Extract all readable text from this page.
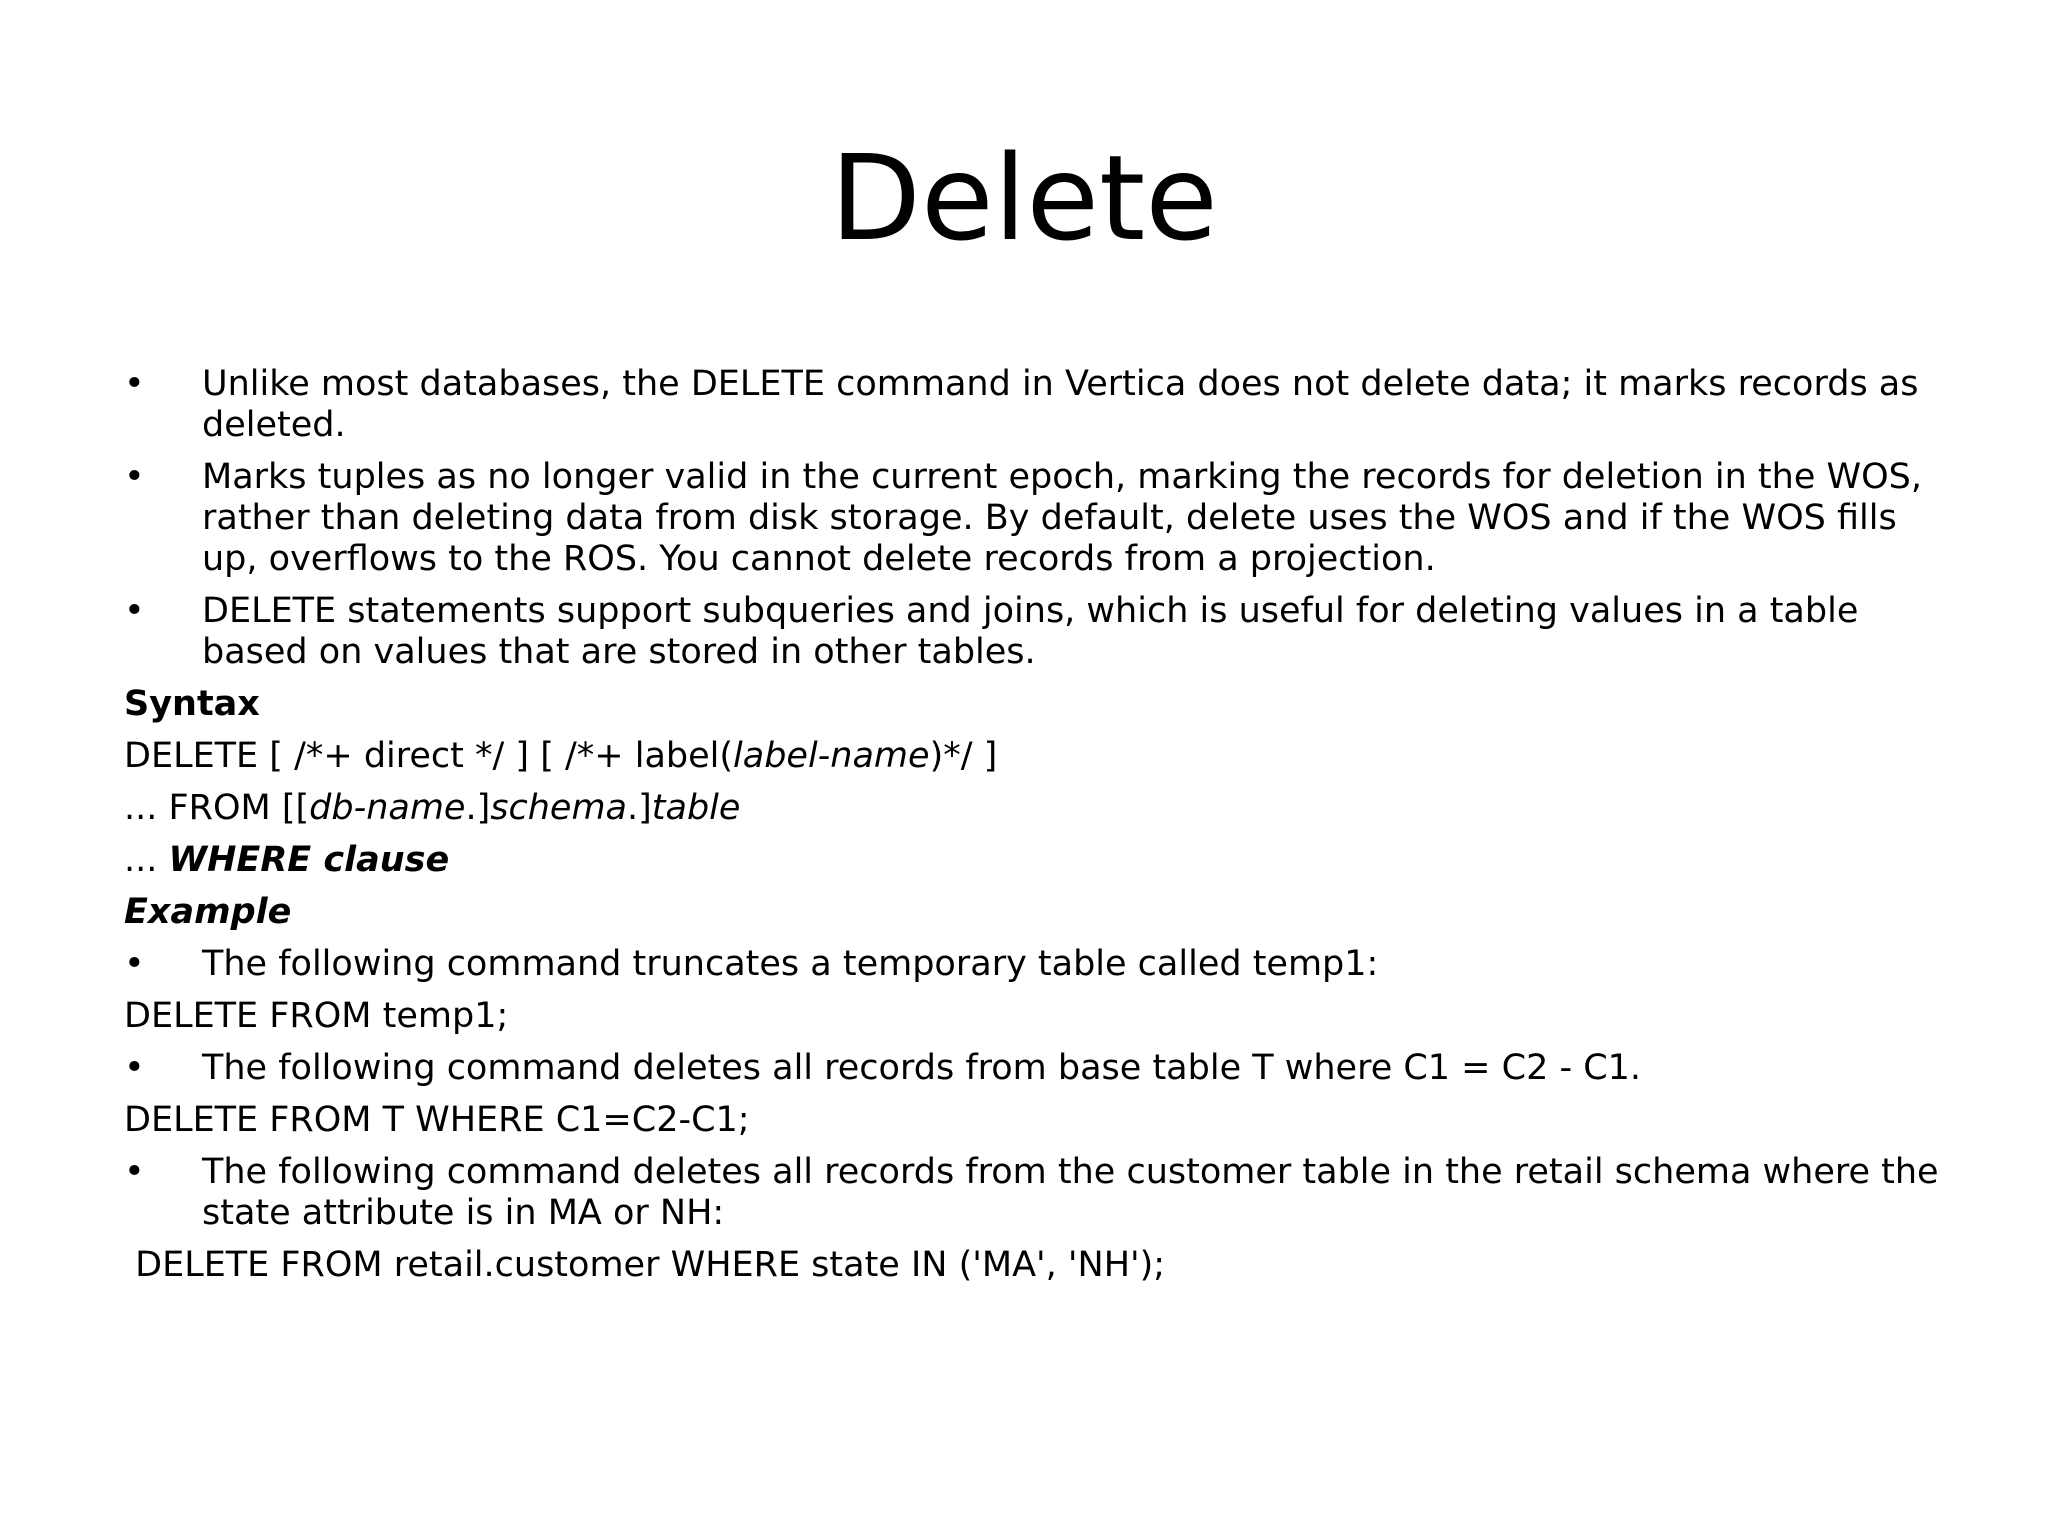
Delete
• Unlike most databases, the DELETE command in Vertica does not delete data; it marks records as deleted.
• Marks tuples as no longer valid in the current epoch, marking the records for deletion in the WOS, rather than deleting data from disk storage. By default, delete uses the WOS and if the WOS fills up, overflows to the ROS. You cannot delete records from a projection.
• DELETE statements support subqueries and joins, which is useful for deleting values in a table based on values that are stored in other tables.
Syntax
DELETE [ /*+ direct */ ] [ /*+ label(label-name)*/ ]
... FROM [[db-name.]schema.]table
... WHERE clause
Example
• The following command truncates a temporary table called temp1:
DELETE FROM temp1;
• The following command deletes all records from base table T where C1 = C2 - C1.
DELETE FROM T WHERE C1=C2-C1;
• The following command deletes all records from the customer table in the retail schema where the state attribute is in MA or NH:
DELETE FROM retail.customer WHERE state IN ('MA', 'NH');
